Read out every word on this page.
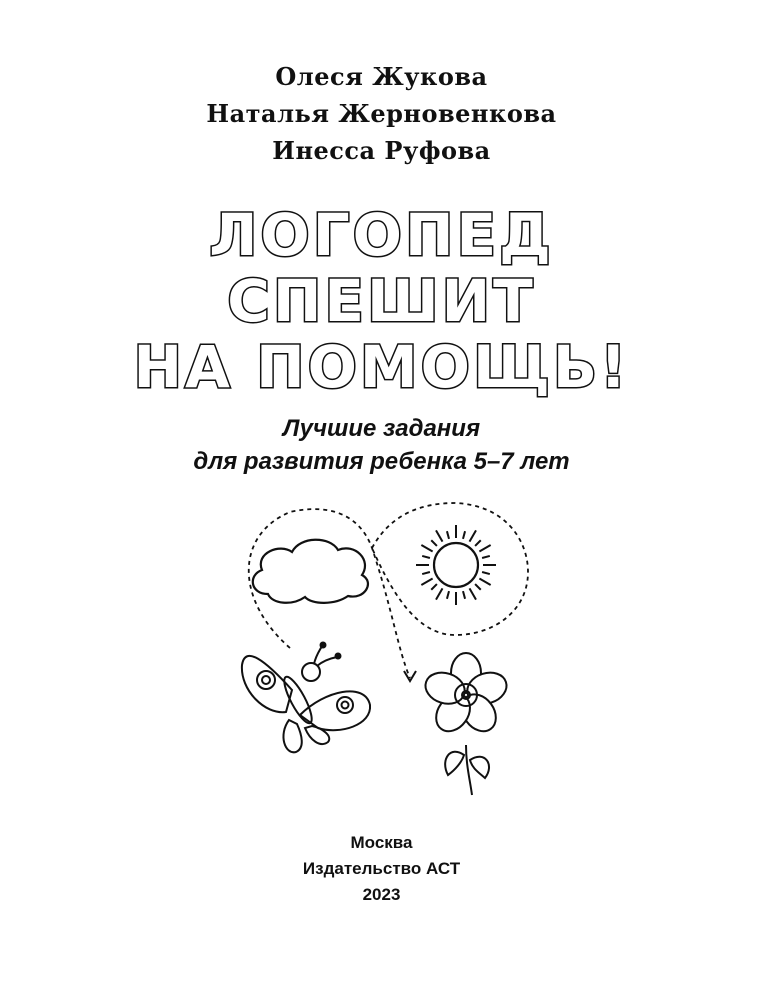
Олеся Жукова
Наталья Жерновенкова
Инесса Руфова
ЛОГОПЕД
СПЕШИТ
НА ПОМОЩЬ!
Лучшие задания
для развития ребенка 5–7 лет
Москва
Издательство АСТ
2023
